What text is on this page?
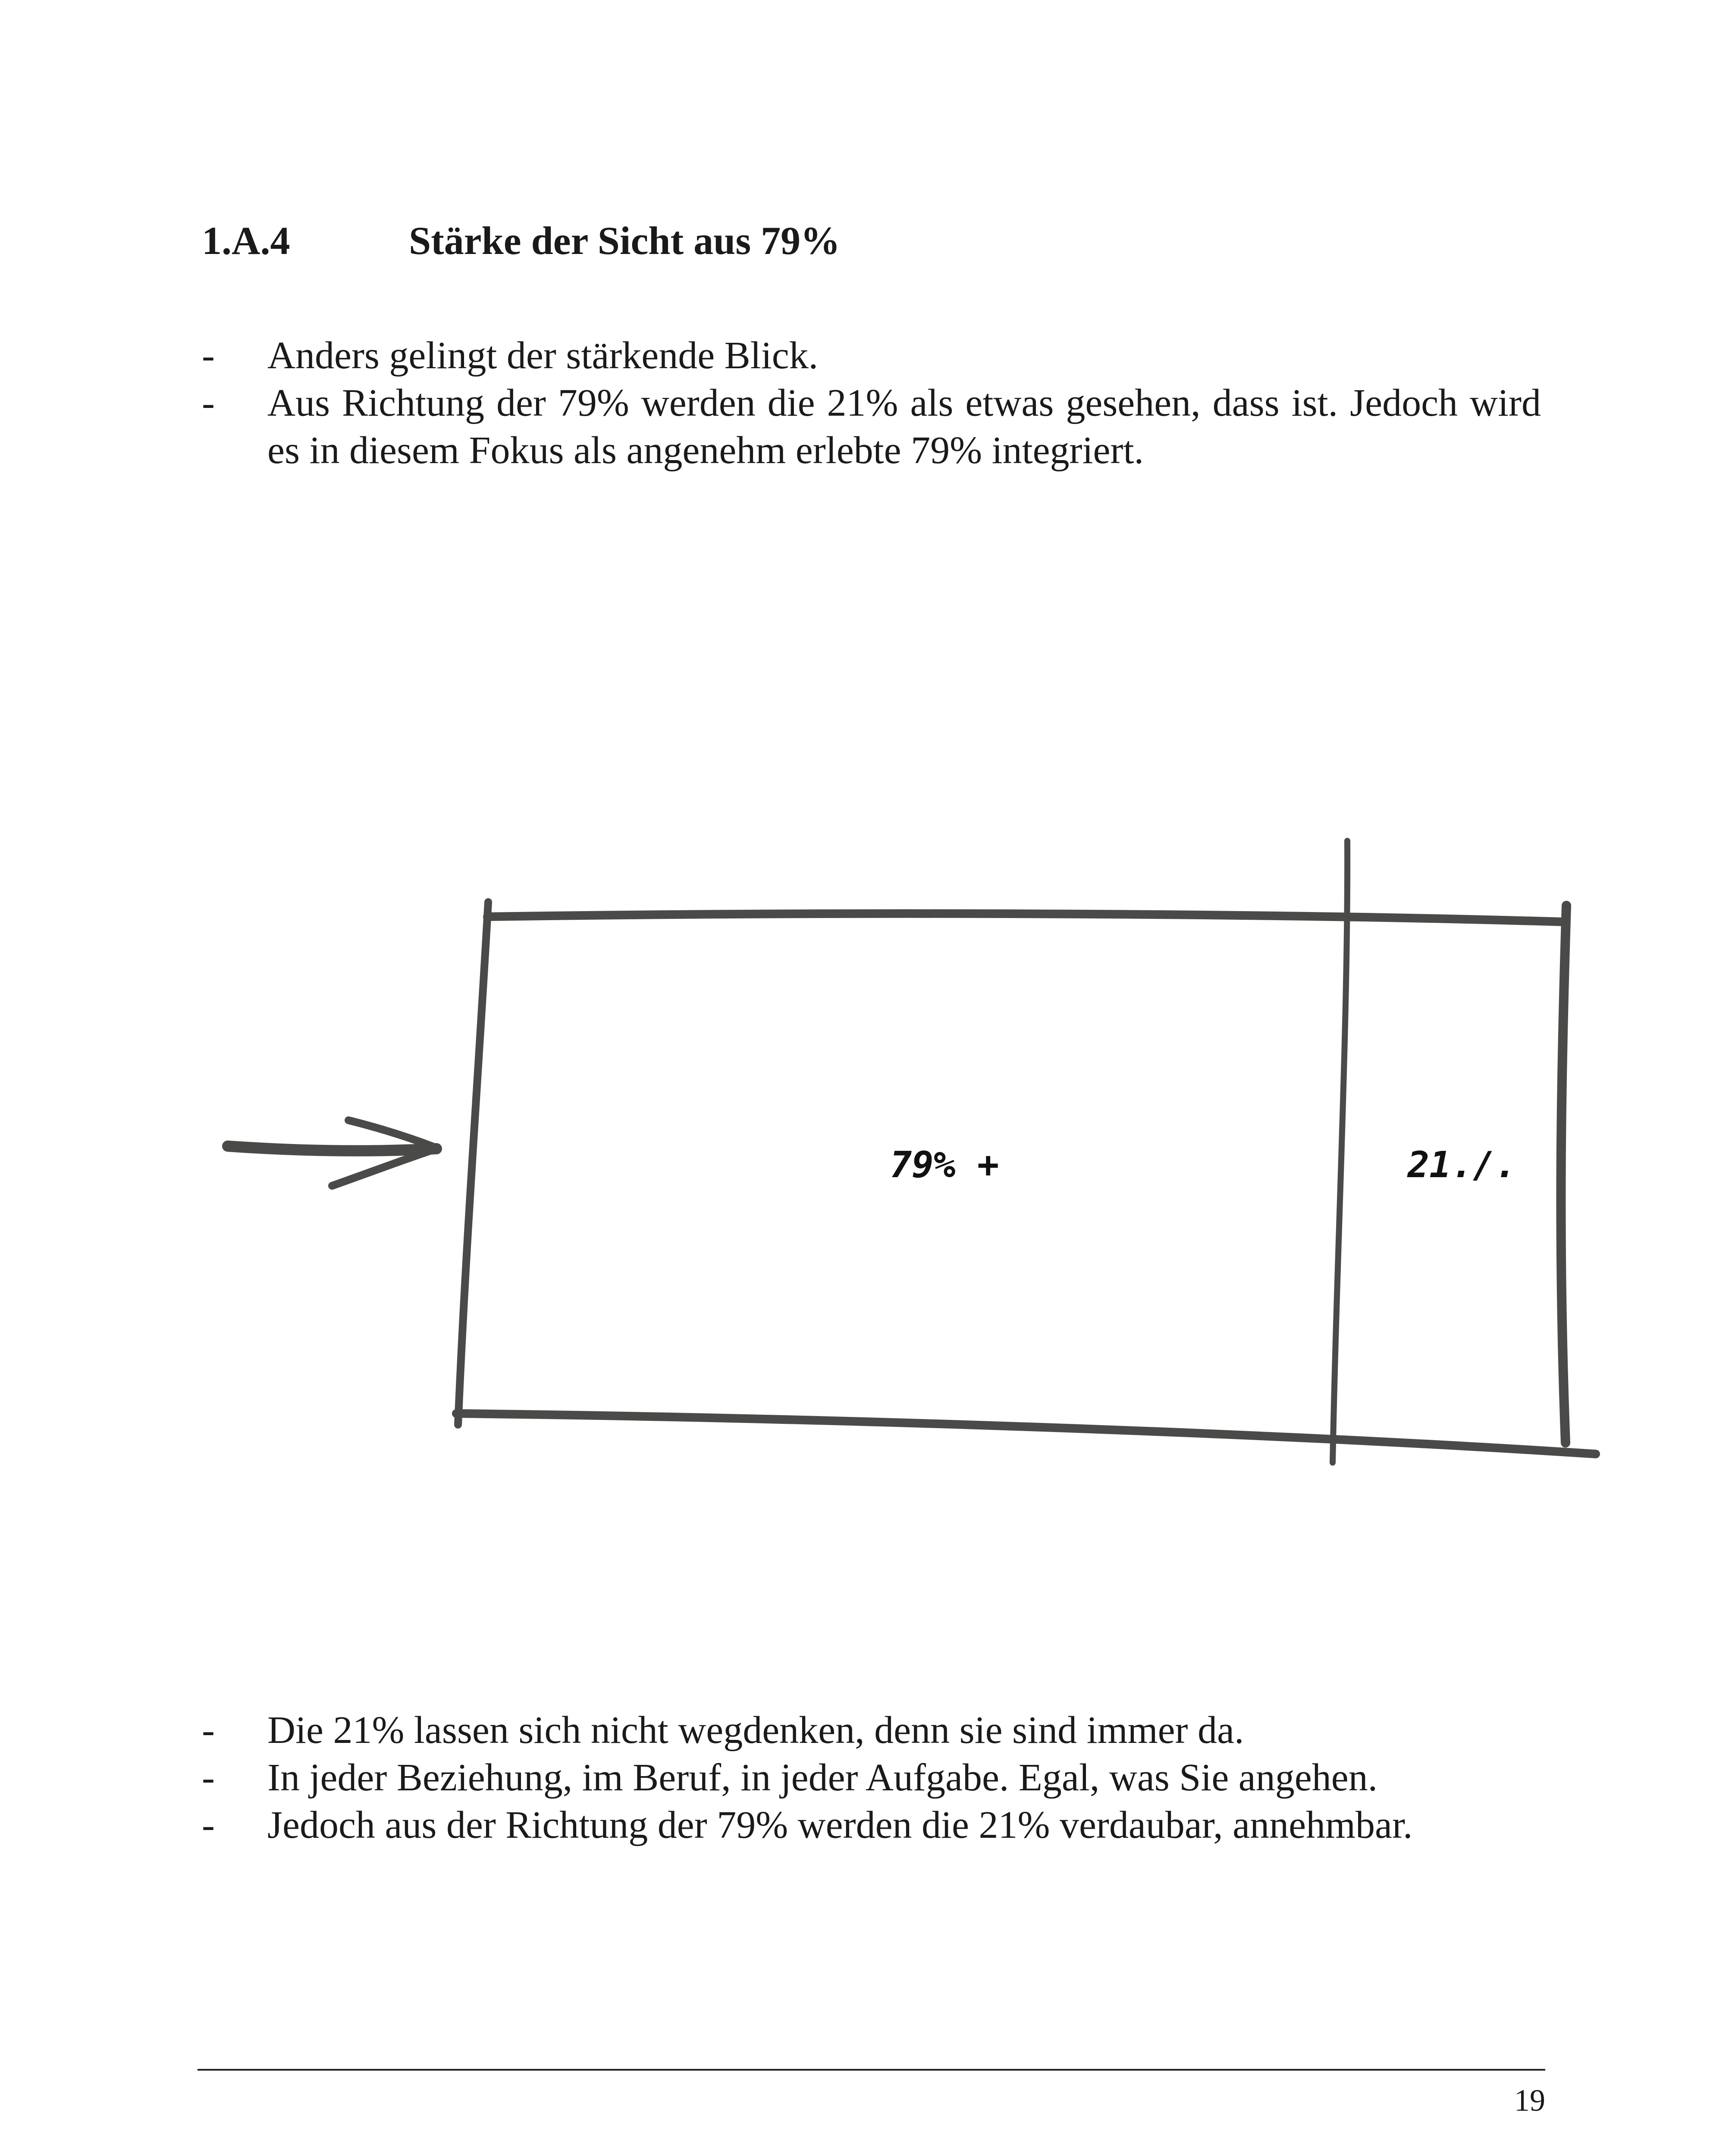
1.A.4	Stärke der Sicht aus 79%
- Anders gelingt der stärkende Blick.
- Aus Richtung der 79% werden die 21% als etwas gesehen, dass ist. Jedoch wird es in diesem Fokus als angenehm erlebte 79% integriert.
79% +	21./.
- Die 21% lassen sich nicht wegdenken, denn sie sind immer da.
- In jeder Beziehung, im Beruf, in jeder Aufgabe. Egal, was Sie angehen.
- Jedoch aus der Richtung der 79% werden die 21% verdaubar, annehmbar.
19
